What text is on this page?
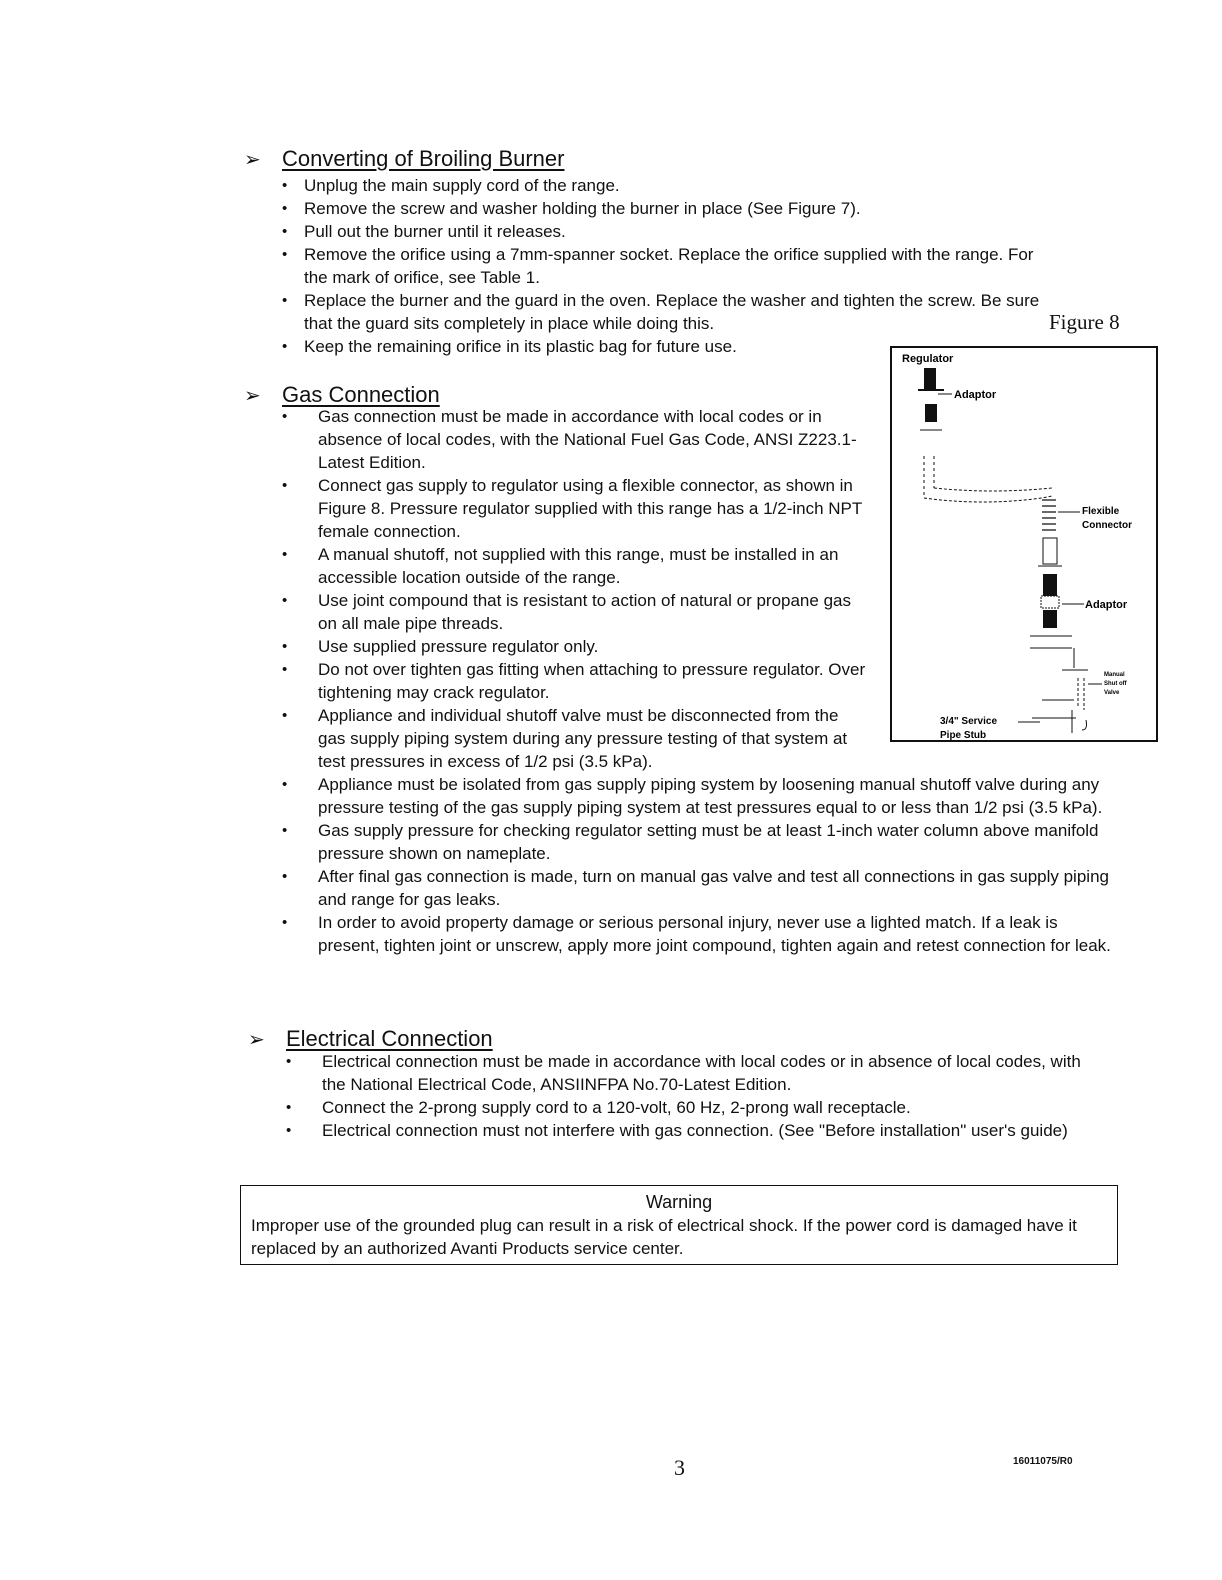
➢ Converting of Broiling Burner
• Unplug the main supply cord of the range.
• Remove the screw and washer holding the burner in place (See Figure 7).
• Pull out the burner until it releases.
• Remove the orifice using a 7mm-spanner socket. Replace the orifice supplied with the range. For the mark of orifice, see Table 1.
• Replace the burner and the guard in the oven. Replace the washer and tighten the screw. Be sure that the guard sits completely in place while doing this.
• Keep the remaining orifice in its plastic bag for future use.
Figure 8
Regulator
Adaptor
Flexible
Connector
Adaptor
Manual
Shut off
Valve
3/4" Service
Pipe Stub
➢ Gas Connection
• Gas connection must be made in accordance with local codes or in absence of local codes, with the National Fuel Gas Code, ANSI Z223.1-Latest Edition.
• Connect gas supply to regulator using a flexible connector, as shown in Figure 8. Pressure regulator supplied with this range has a 1/2-inch NPT female connection.
• A manual shutoff, not supplied with this range, must be installed in an accessible location outside of the range.
• Use joint compound that is resistant to action of natural or propane gas on all male pipe threads.
• Use supplied pressure regulator only.
• Do not over tighten gas fitting when attaching to pressure regulator. Over tightening may crack regulator.
• Appliance and individual shutoff valve must be disconnected from the gas supply piping system during any pressure testing of that system at test pressures in excess of 1/2 psi (3.5 kPa).
• Appliance must be isolated from gas supply piping system by loosening manual shutoff valve during any pressure testing of the gas supply piping system at test pressures equal to or less than 1/2 psi (3.5 kPa).
• Gas supply pressure for checking regulator setting must be at least 1-inch water column above manifold pressure shown on nameplate.
• After final gas connection is made, turn on manual gas valve and test all connections in gas supply piping and range for gas leaks.
• In order to avoid property damage or serious personal injury, never use a lighted match. If a leak is present, tighten joint or unscrew, apply more joint compound, tighten again and retest connection for leak.
➢ Electrical Connection
• Electrical connection must be made in accordance with local codes or in absence of local codes, with the National Electrical Code, ANSIINFPA No.70-Latest Edition.
• Connect the 2-prong supply cord to a 120-volt, 60 Hz, 2-prong wall receptacle.
• Electrical connection must not interfere with gas connection. (See "Before installation" user's guide)
Warning
Improper use of the grounded plug can result in a risk of electrical shock. If the power cord is damaged have it replaced by an authorized Avanti Products service center.
3	16011075/R0
